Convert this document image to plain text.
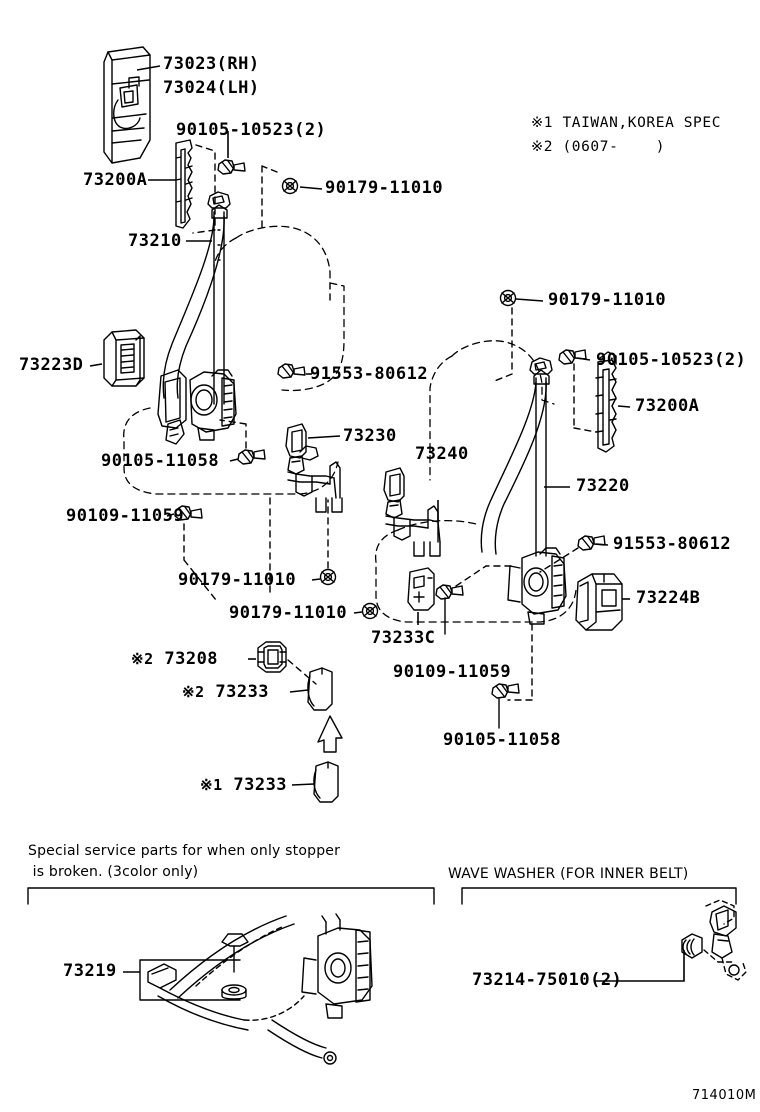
73023(RH)
73024(LH)
90105-10523(2)
73200A	90179-11010
73210
73223D	91553-80612
73230
90105-11058
90109-11059
90179-11010
90179-11010
73233C
90109-11059
※2 73208
※2 73233
※1 73233
90179-11010
90105-10523(2)
73200A
73240
73220
91553-80612
73224B
90105-11058
※1 TAIWAN,KOREA SPEC
※2 (0607-    )
Special service parts for when only stopper
is broken. (3color only)
73219
WAVE WASHER (FOR INNER BELT)
73214-75010(2)
714010M
